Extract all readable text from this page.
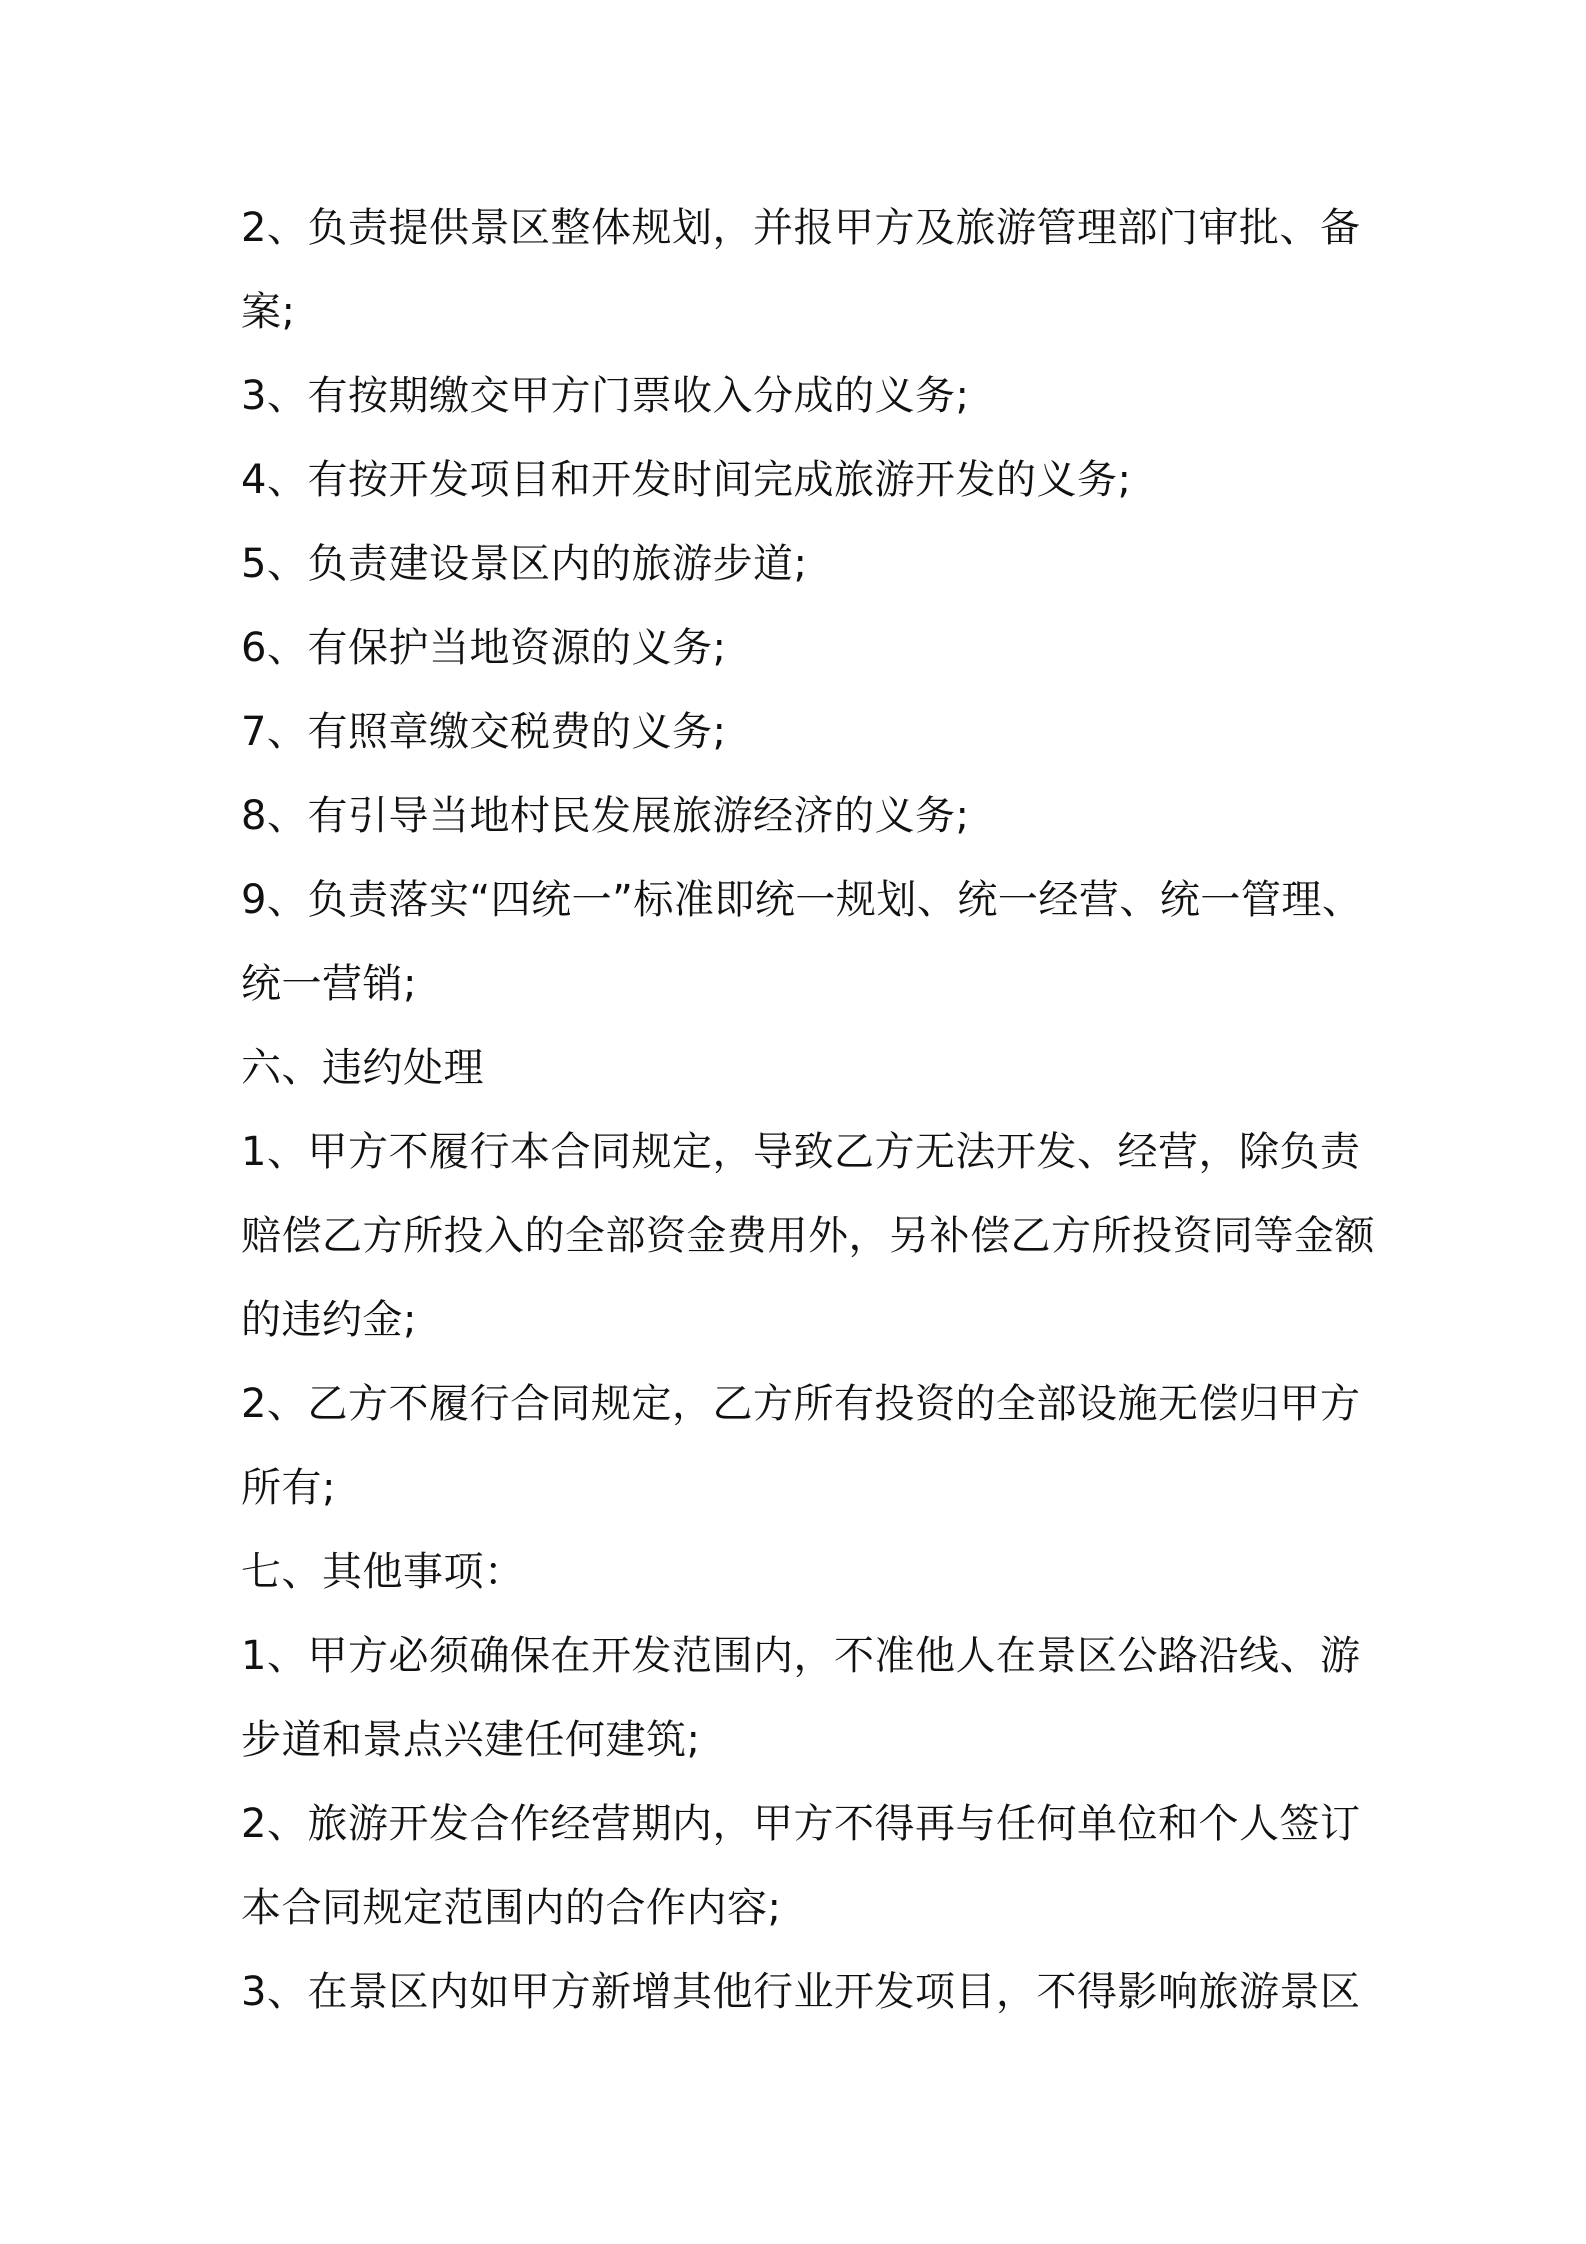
2、负责提供景区整体规划，并报甲方及旅游管理部门审批、备

案;

3、有按期缴交甲方门票收入分成的义务;

4、有按开发项目和开发时间完成旅游开发的义务;

5、负责建设景区内的旅游步道;

6、有保护当地资源的义务;

7、有照章缴交税费的义务;

8、有引导当地村民发展旅游经济的义务;

9、负责落实“四统一”标准即统一规划、统一经营、统一管理、

统一营销;

六、违约处理

1、甲方不履行本合同规定，导致乙方无法开发、经营，除负责

赔偿乙方所投入的全部资金费用外，另补偿乙方所投资同等金额

的违约金;

2、乙方不履行合同规定，乙方所有投资的全部设施无偿归甲方

所有;

七、其他事项：

1、甲方必须确保在开发范围内，不准他人在景区公路沿线、游

步道和景点兴建任何建筑;

2、旅游开发合作经营期内，甲方不得再与任何单位和个人签订

本合同规定范围内的合作内容;

3、在景区内如甲方新增其他行业开发项目，不得影响旅游景区
